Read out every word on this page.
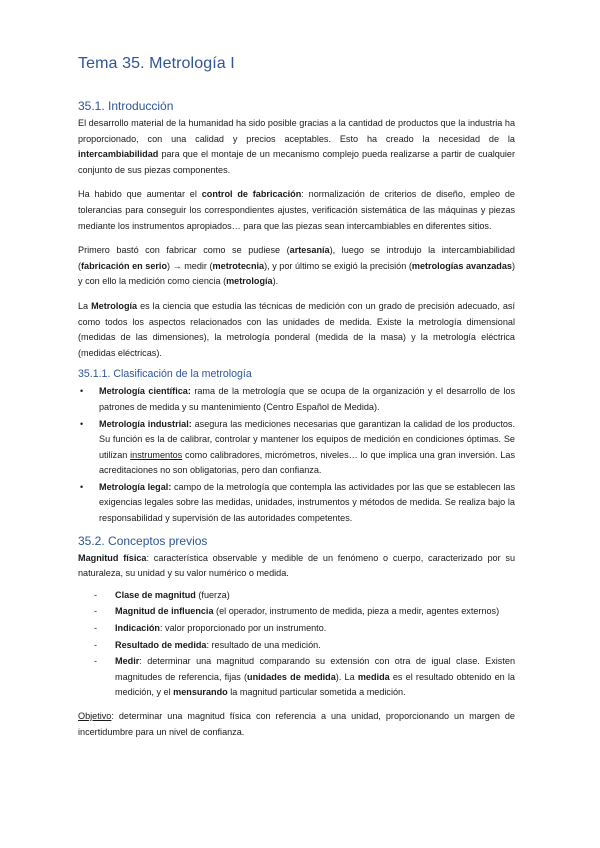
Tema 35. Metrología I
35.1. Introducción

El desarrollo material de la humanidad ha sido posible gracias a la cantidad de productos que la industria ha proporcionado, con una calidad y precios aceptables. Esto ha creado la necesidad de la intercambiabilidad para que el montaje de un mecanismo complejo pueda realizarse a partir de cualquier conjunto de sus piezas componentes.

Ha habido que aumentar el control de fabricación: normalización de criterios de diseño, empleo de tolerancias para conseguir los correspondientes ajustes, verificación sistemática de las máquinas y piezas mediante los instrumentos apropiados… para que las piezas sean intercambiables en diferentes sitios.

Primero bastó con fabricar como se pudiese (artesanía), luego se introdujo la intercambiabilidad (fabricación en serio) → medir (metrotecnia), y por último se exigió la precisión (metrologías avanzadas) y con ello la medición como ciencia (metrología).

La Metrología es la ciencia que estudia las técnicas de medición con un grado de precisión adecuado, así como todos los aspectos relacionados con las unidades de medida. Existe la metrología dimensional (medidas de las dimensiones), la metrología ponderal (medida de la masa) y la metrología eléctrica (medidas eléctricas).

35.1.1. Clasificación de la metrología
• Metrología científica: rama de la metrología que se ocupa de la organización y el desarrollo de los patrones de medida y su mantenimiento (Centro Español de Medida).
• Metrología industrial: asegura las mediciones necesarias que garantizan la calidad de los productos. Su función es la de calibrar, controlar y mantener los equipos de medición en condiciones óptimas. Se utilizan instrumentos como calibradores, micrómetros, niveles… lo que implica una gran inversión. Las acreditaciones no son obligatorias, pero dan confianza.
• Metrología legal: campo de la metrología que contempla las actividades por las que se establecen las exigencias legales sobre las medidas, unidades, instrumentos y métodos de medida. Se realiza bajo la responsabilidad y supervisión de las autoridades competentes.
35.2. Conceptos previos

Magnitud física: característica observable y medible de un fenómeno o cuerpo, caracterizado por su naturaleza, su unidad y su valor numérico o medida.

- Clase de magnitud (fuerza)
- Magnitud de influencia (el operador, instrumento de medida, pieza a medir, agentes externos)
- Indicación: valor proporcionado por un instrumento.
- Resultado de medida: resultado de una medición.
- Medir: determinar una magnitud comparando su extensión con otra de igual clase. Existen magnitudes de referencia, fijas (unidades de medida). La medida es el resultado obtenido en la medición, y el mensurando la magnitud particular sometida a medición.

Objetivo: determinar una magnitud física con referencia a una unidad, proporcionando un margen de incertidumbre para un nivel de confianza.
